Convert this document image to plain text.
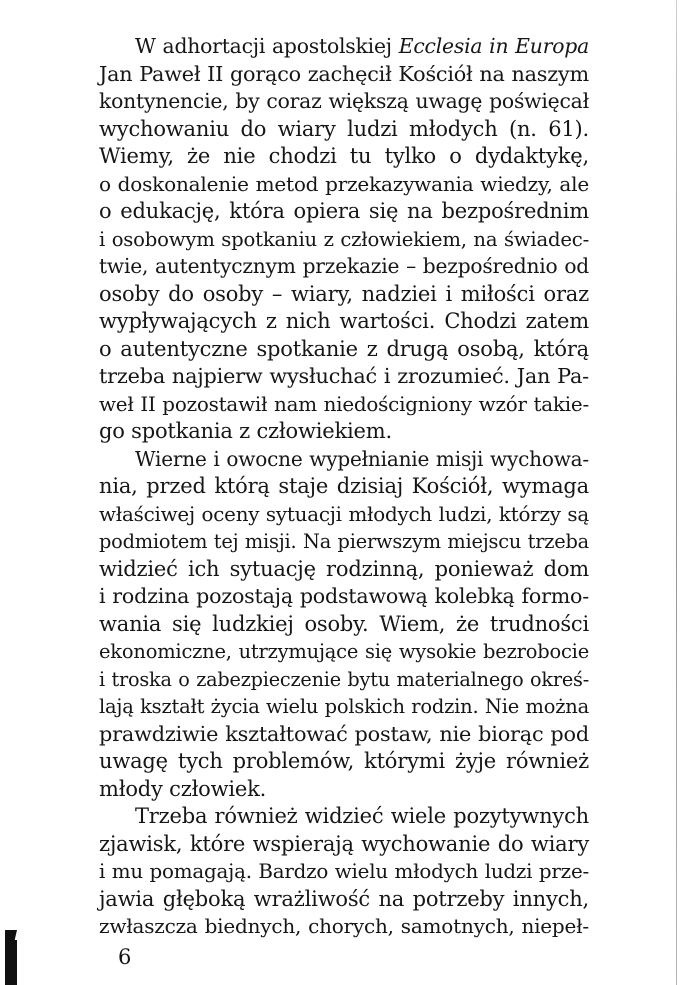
W adhortacji apostolskiej Ecclesia in Europa
Jan Paweł II gorąco zachęcił Kościół na naszym
kontynencie, by coraz większą uwagę poświęcał
wychowaniu do wiary ludzi młodych (n. 61).
Wiemy, że nie chodzi tu tylko o dydaktykę,
o doskonalenie metod przekazywania wiedzy, ale
o edukację, która opiera się na bezpośrednim
i osobowym spotkaniu z człowiekiem, na świadec-
twie, autentycznym przekazie – bezpośrednio od
osoby do osoby – wiary, nadziei i miłości oraz
wypływających z nich wartości. Chodzi zatem
o autentyczne spotkanie z drugą osobą, którą
trzeba najpierw wysłuchać i zrozumieć. Jan Pa-
weł II pozostawił nam niedościgniony wzór takie-
go spotkania z człowiekiem.
Wierne i owocne wypełnianie misji wychowa-
nia, przed którą staje dzisiaj Kościół, wymaga
właściwej oceny sytuacji młodych ludzi, którzy są
podmiotem tej misji. Na pierwszym miejscu trzeba
widzieć ich sytuację rodzinną, ponieważ dom
i rodzina pozostają podstawową kolebką formo-
wania się ludzkiej osoby. Wiem, że trudności
ekonomiczne, utrzymujące się wysokie bezrobocie
i troska o zabezpieczenie bytu materialnego okreś-
lają kształt życia wielu polskich rodzin. Nie można
prawdziwie kształtować postaw, nie biorąc pod
uwagę tych problemów, którymi żyje również
młody człowiek.
Trzeba również widzieć wiele pozytywnych
zjawisk, które wspierają wychowanie do wiary
i mu pomagają. Bardzo wielu młodych ludzi prze-
jawia głęboką wrażliwość na potrzeby innych,
zwłaszcza biednych, chorych, samotnych, niepeł-
6
